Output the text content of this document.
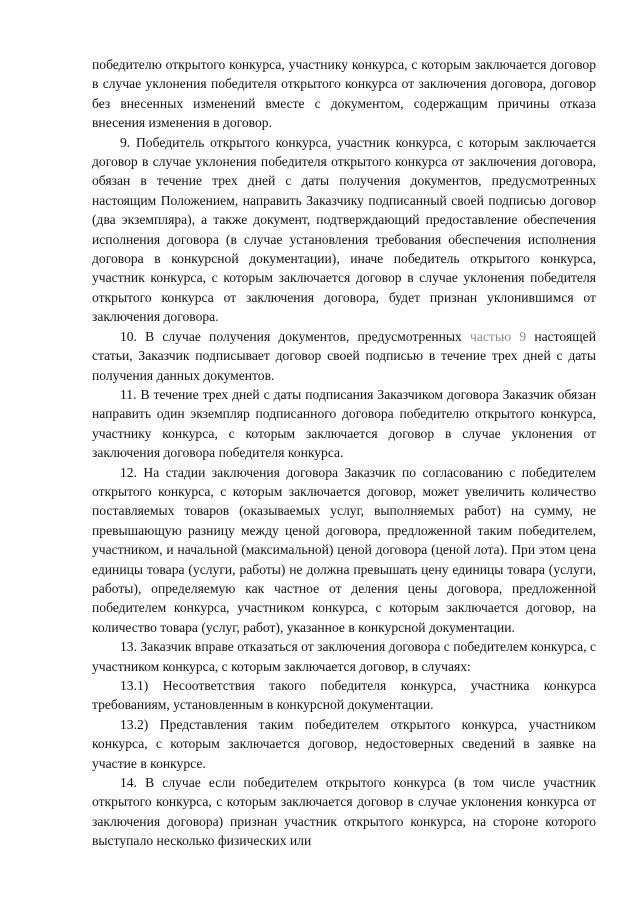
победителю открытого конкурса, участнику конкурса, с которым заключается договор в случае уклонения победителя открытого конкурса от заключения договора, договор без внесенных изменений вместе с документом, содержащим причины отказа внесения изменения в договор.

9. Победитель открытого конкурса, участник конкурса, с которым заключается договор в случае уклонения победителя открытого конкурса от заключения договора, обязан в течение трех дней с даты получения документов, предусмотренных настоящим Положением, направить Заказчику подписанный своей подписью договор (два экземпляра), а также документ, подтверждающий предоставление обеспечения исполнения договора (в случае установления требования обеспечения исполнения договора в конкурсной документации), иначе победитель открытого конкурса, участник конкурса, с которым заключается договор в случае уклонения победителя открытого конкурса от заключения договора, будет признан уклонившимся от заключения договора.

10. В случае получения документов, предусмотренных частью 9 настоящей статьи, Заказчик подписывает договор своей подписью в течение трех дней с даты получения данных документов.

11. В течение трех дней с даты подписания Заказчиком договора Заказчик обязан направить один экземпляр подписанного договора победителю открытого конкурса, участнику конкурса, с которым заключается договор в случае уклонения от заключения договора победителя конкурса.

12. На стадии заключения договора Заказчик по согласованию с победителем открытого конкурса, с которым заключается договор, может увеличить количество поставляемых товаров (оказываемых услуг, выполняемых работ) на сумму, не превышающую разницу между ценой договора, предложенной таким победителем, участником, и начальной (максимальной) ценой договора (ценой лота). При этом цена единицы товара (услуги, работы) не должна превышать цену единицы товара (услуги, работы), определяемую как частное от деления цены договора, предложенной победителем конкурса, участником конкурса, с которым заключается договор, на количество товара (услуг, работ), указанное в конкурсной документации.

13. Заказчик вправе отказаться от заключения договора с победителем конкурса, с участником конкурса, с которым заключается договор, в случаях:

13.1) Несоответствия такого победителя конкурса, участника конкурса требованиям, установленным в конкурсной документации.

13.2) Представления таким победителем открытого конкурса, участником конкурса, с которым заключается договор, недостоверных сведений в заявке на участие в конкурсе.

14. В случае если победителем открытого конкурса (в том числе участник открытого конкурса, с которым заключается договор в случае уклонения конкурса от заключения договора) признан участник открытого конкурса, на стороне которого выступало несколько физических или
